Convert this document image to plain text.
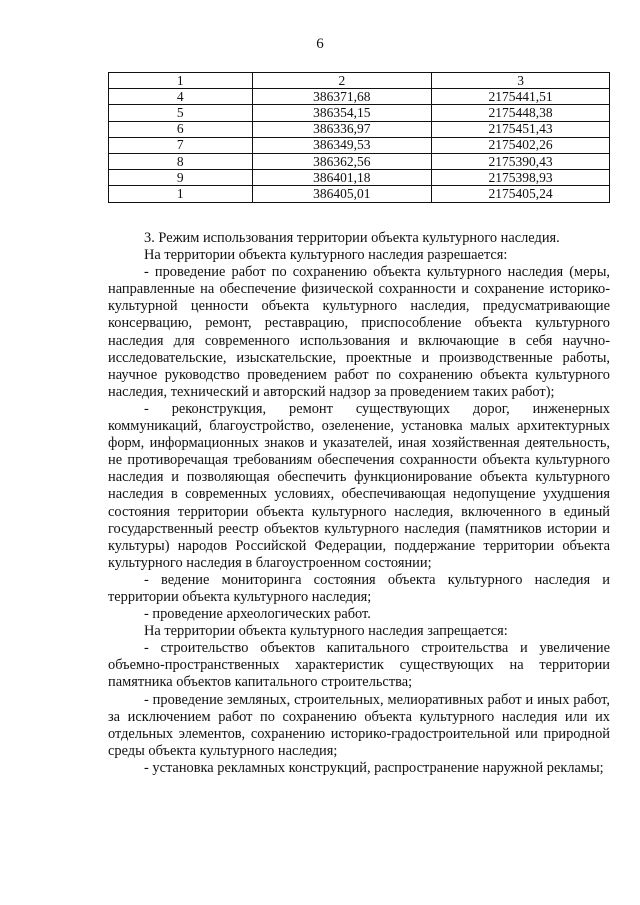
6
1	2	3
4	386371,68	2175441,51
5	386354,15	2175448,38
6	386336,97	2175451,43
7	386349,53	2175402,26
8	386362,56	2175390,43
9	386401,18	2175398,93
1	386405,01	2175405,24

3. Режим использования территории объекта культурного наследия.

На территории объекта культурного наследия разрешается:

- проведение работ по сохранению объекта культурного наследия (меры, направленные на обеспечение физической сохранности и сохранение историко-культурной ценности объекта культурного наследия, предусматривающие консервацию, ремонт, реставрацию, приспособление объекта культурного наследия для современного использования и включающие в себя научно-исследовательские, изыскательские, проектные и производственные работы, научное руководство проведением работ по сохранению объекта культурного наследия, технический и авторский надзор за проведением таких работ);

- реконструкция, ремонт существующих дорог, инженерных коммуникаций, благоустройство, озеленение, установка малых архитектурных форм, информационных знаков и указателей, иная хозяйственная деятельность, не противоречащая требованиям обеспечения сохранности объекта культурного наследия и позволяющая обеспечить функционирование объекта культурного наследия в современных условиях, обеспечивающая недопущение ухудшения состояния территории объекта культурного наследия, включенного в единый государственный реестр объектов культурного наследия (памятников истории и культуры) народов Российской Федерации, поддержание территории объекта культурного наследия в благоустроенном состоянии;

- ведение мониторинга состояния объекта культурного наследия и территории объекта культурного наследия;

- проведение археологических работ.

На территории объекта культурного наследия запрещается:

- строительство объектов капитального строительства и увеличение объемно-пространственных характеристик существующих на территории памятника объектов капитального строительства;

- проведение земляных, строительных, мелиоративных работ и иных работ, за исключением работ по сохранению объекта культурного наследия или их отдельных элементов, сохранению историко-градостроительной или природной среды объекта культурного наследия;

- установка рекламных конструкций, распространение наружной рекламы;
